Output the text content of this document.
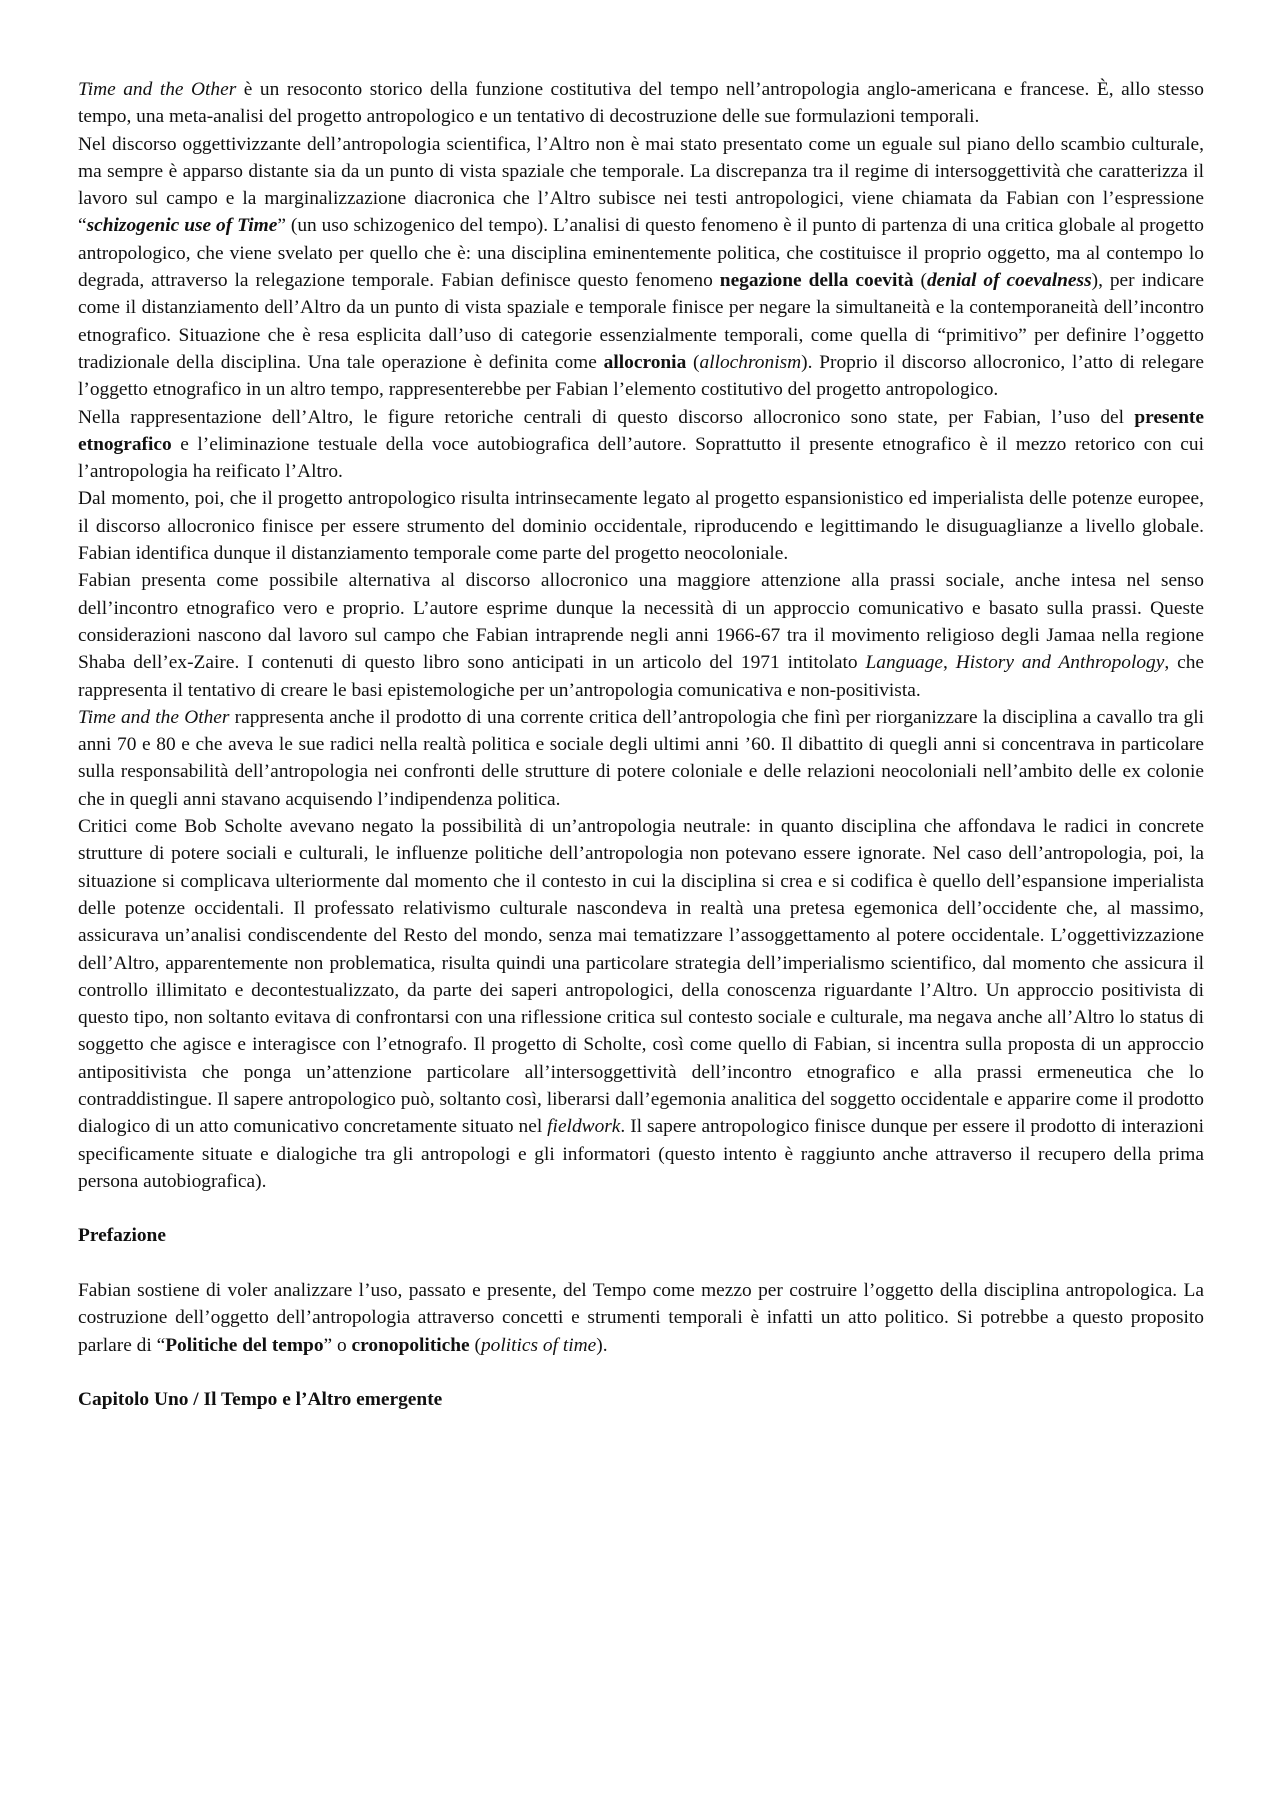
Time and the Other è un resoconto storico della funzione costitutiva del tempo nell’antropologia anglo-americana e francese. È, allo stesso tempo, una meta-analisi del progetto antropologico e un tentativo di decostruzione delle sue formulazioni temporali.

Nel discorso oggettivizzante dell’antropologia scientifica, l’Altro non è mai stato presentato come un eguale sul piano dello scambio culturale, ma sempre è apparso distante sia da un punto di vista spaziale che temporale. La discrepanza tra il regime di intersoggettività che caratterizza il lavoro sul campo e la marginalizzazione diacronica che l’Altro subisce nei testi antropologici, viene chiamata da Fabian con l’espressione “schizogenic use of Time” (un uso schizogenico del tempo). L’analisi di questo fenomeno è il punto di partenza di una critica globale al progetto antropologico, che viene svelato per quello che è: una disciplina eminentemente politica, che costituisce il proprio oggetto, ma al contempo lo degrada, attraverso la relegazione temporale. Fabian definisce questo fenomeno negazione della coevità (denial of coevalness), per indicare come il distanziamento dell’Altro da un punto di vista spaziale e temporale finisce per negare la simultaneità e la contemporaneità dell’incontro etnografico. Situazione che è resa esplicita dall’uso di categorie essenzialmente temporali, come quella di “primitivo” per definire l’oggetto tradizionale della disciplina. Una tale operazione è definita come allocronia (allochronism). Proprio il discorso allocronico, l’atto di relegare l’oggetto etnografico in un altro tempo, rappresenterebbe per Fabian l’elemento costitutivo del progetto antropologico.

Nella rappresentazione dell’Altro, le figure retoriche centrali di questo discorso allocronico sono state, per Fabian, l’uso del presente etnografico e l’eliminazione testuale della voce autobiografica dell’autore. Soprattutto il presente etnografico è il mezzo retorico con cui l’antropologia ha reificato l’Altro.

Dal momento, poi, che il progetto antropologico risulta intrinsecamente legato al progetto espansionistico ed imperialista delle potenze europee, il discorso allocronico finisce per essere strumento del dominio occidentale, riproducendo e legittimando le disuguaglianze a livello globale. Fabian identifica dunque il distanziamento temporale come parte del progetto neocoloniale.

Fabian presenta come possibile alternativa al discorso allocronico una maggiore attenzione alla prassi sociale, anche intesa nel senso dell’incontro etnografico vero e proprio. L’autore esprime dunque la necessità di un approccio comunicativo e basato sulla prassi. Queste considerazioni nascono dal lavoro sul campo che Fabian intraprende negli anni 1966-67 tra il movimento religioso degli Jamaa nella regione Shaba dell’ex-Zaire. I contenuti di questo libro sono anticipati in un articolo del 1971 intitolato Language, History and Anthropology, che rappresenta il tentativo di creare le basi epistemologiche per un’antropologia comunicativa e non-positivista.

Time and the Other rappresenta anche il prodotto di una corrente critica dell’antropologia che finì per riorganizzare la disciplina a cavallo tra gli anni 70 e 80 e che aveva le sue radici nella realtà politica e sociale degli ultimi anni ’60. Il dibattito di quegli anni si concentrava in particolare sulla responsabilità dell’antropologia nei confronti delle strutture di potere coloniale e delle relazioni neocoloniali nell’ambito delle ex colonie che in quegli anni stavano acquisendo l’indipendenza politica.

Critici come Bob Scholte avevano negato la possibilità di un’antropologia neutrale: in quanto disciplina che affondava le radici in concrete strutture di potere sociali e culturali, le influenze politiche dell’antropologia non potevano essere ignorate. Nel caso dell’antropologia, poi, la situazione si complicava ulteriormente dal momento che il contesto in cui la disciplina si crea e si codifica è quello dell’espansione imperialista delle potenze occidentali. Il professato relativismo culturale nascondeva in realtà una pretesa egemonica dell’occidente che, al massimo, assicurava un’analisi condiscendente del Resto del mondo, senza mai tematizzare l’assoggettamento al potere occidentale. L’oggettivizzazione dell’Altro, apparentemente non problematica, risulta quindi una particolare strategia dell’imperialismo scientifico, dal momento che assicura il controllo illimitato e decontestualizzato, da parte dei saperi antropologici, della conoscenza riguardante l’Altro. Un approccio positivista di questo tipo, non soltanto evitava di confrontarsi con una riflessione critica sul contesto sociale e culturale, ma negava anche all’Altro lo status di soggetto che agisce e interagisce con l’etnografo. Il progetto di Scholte, così come quello di Fabian, si incentra sulla proposta di un approccio antipositivista che ponga un’attenzione particolare all’intersoggettività dell’incontro etnografico e alla prassi ermeneutica che lo contraddistingue. Il sapere antropologico può, soltanto così, liberarsi dall’egemonia analitica del soggetto occidentale e apparire come il prodotto dialogico di un atto comunicativo concretamente situato nel fieldwork. Il sapere antropologico finisce dunque per essere il prodotto di interazioni specificamente situate e dialogiche tra gli antropologi e gli informatori (questo intento è raggiunto anche attraverso il recupero della prima persona autobiografica).

Prefazione

Fabian sostiene di voler analizzare l’uso, passato e presente, del Tempo come mezzo per costruire l’oggetto della disciplina antropologica. La costruzione dell’oggetto dell’antropologia attraverso concetti e strumenti temporali è infatti un atto politico. Si potrebbe a questo proposito parlare di “Politiche del tempo” o cronopolitiche (politics of time).

Capitolo Uno / Il Tempo e l’Altro emergente
